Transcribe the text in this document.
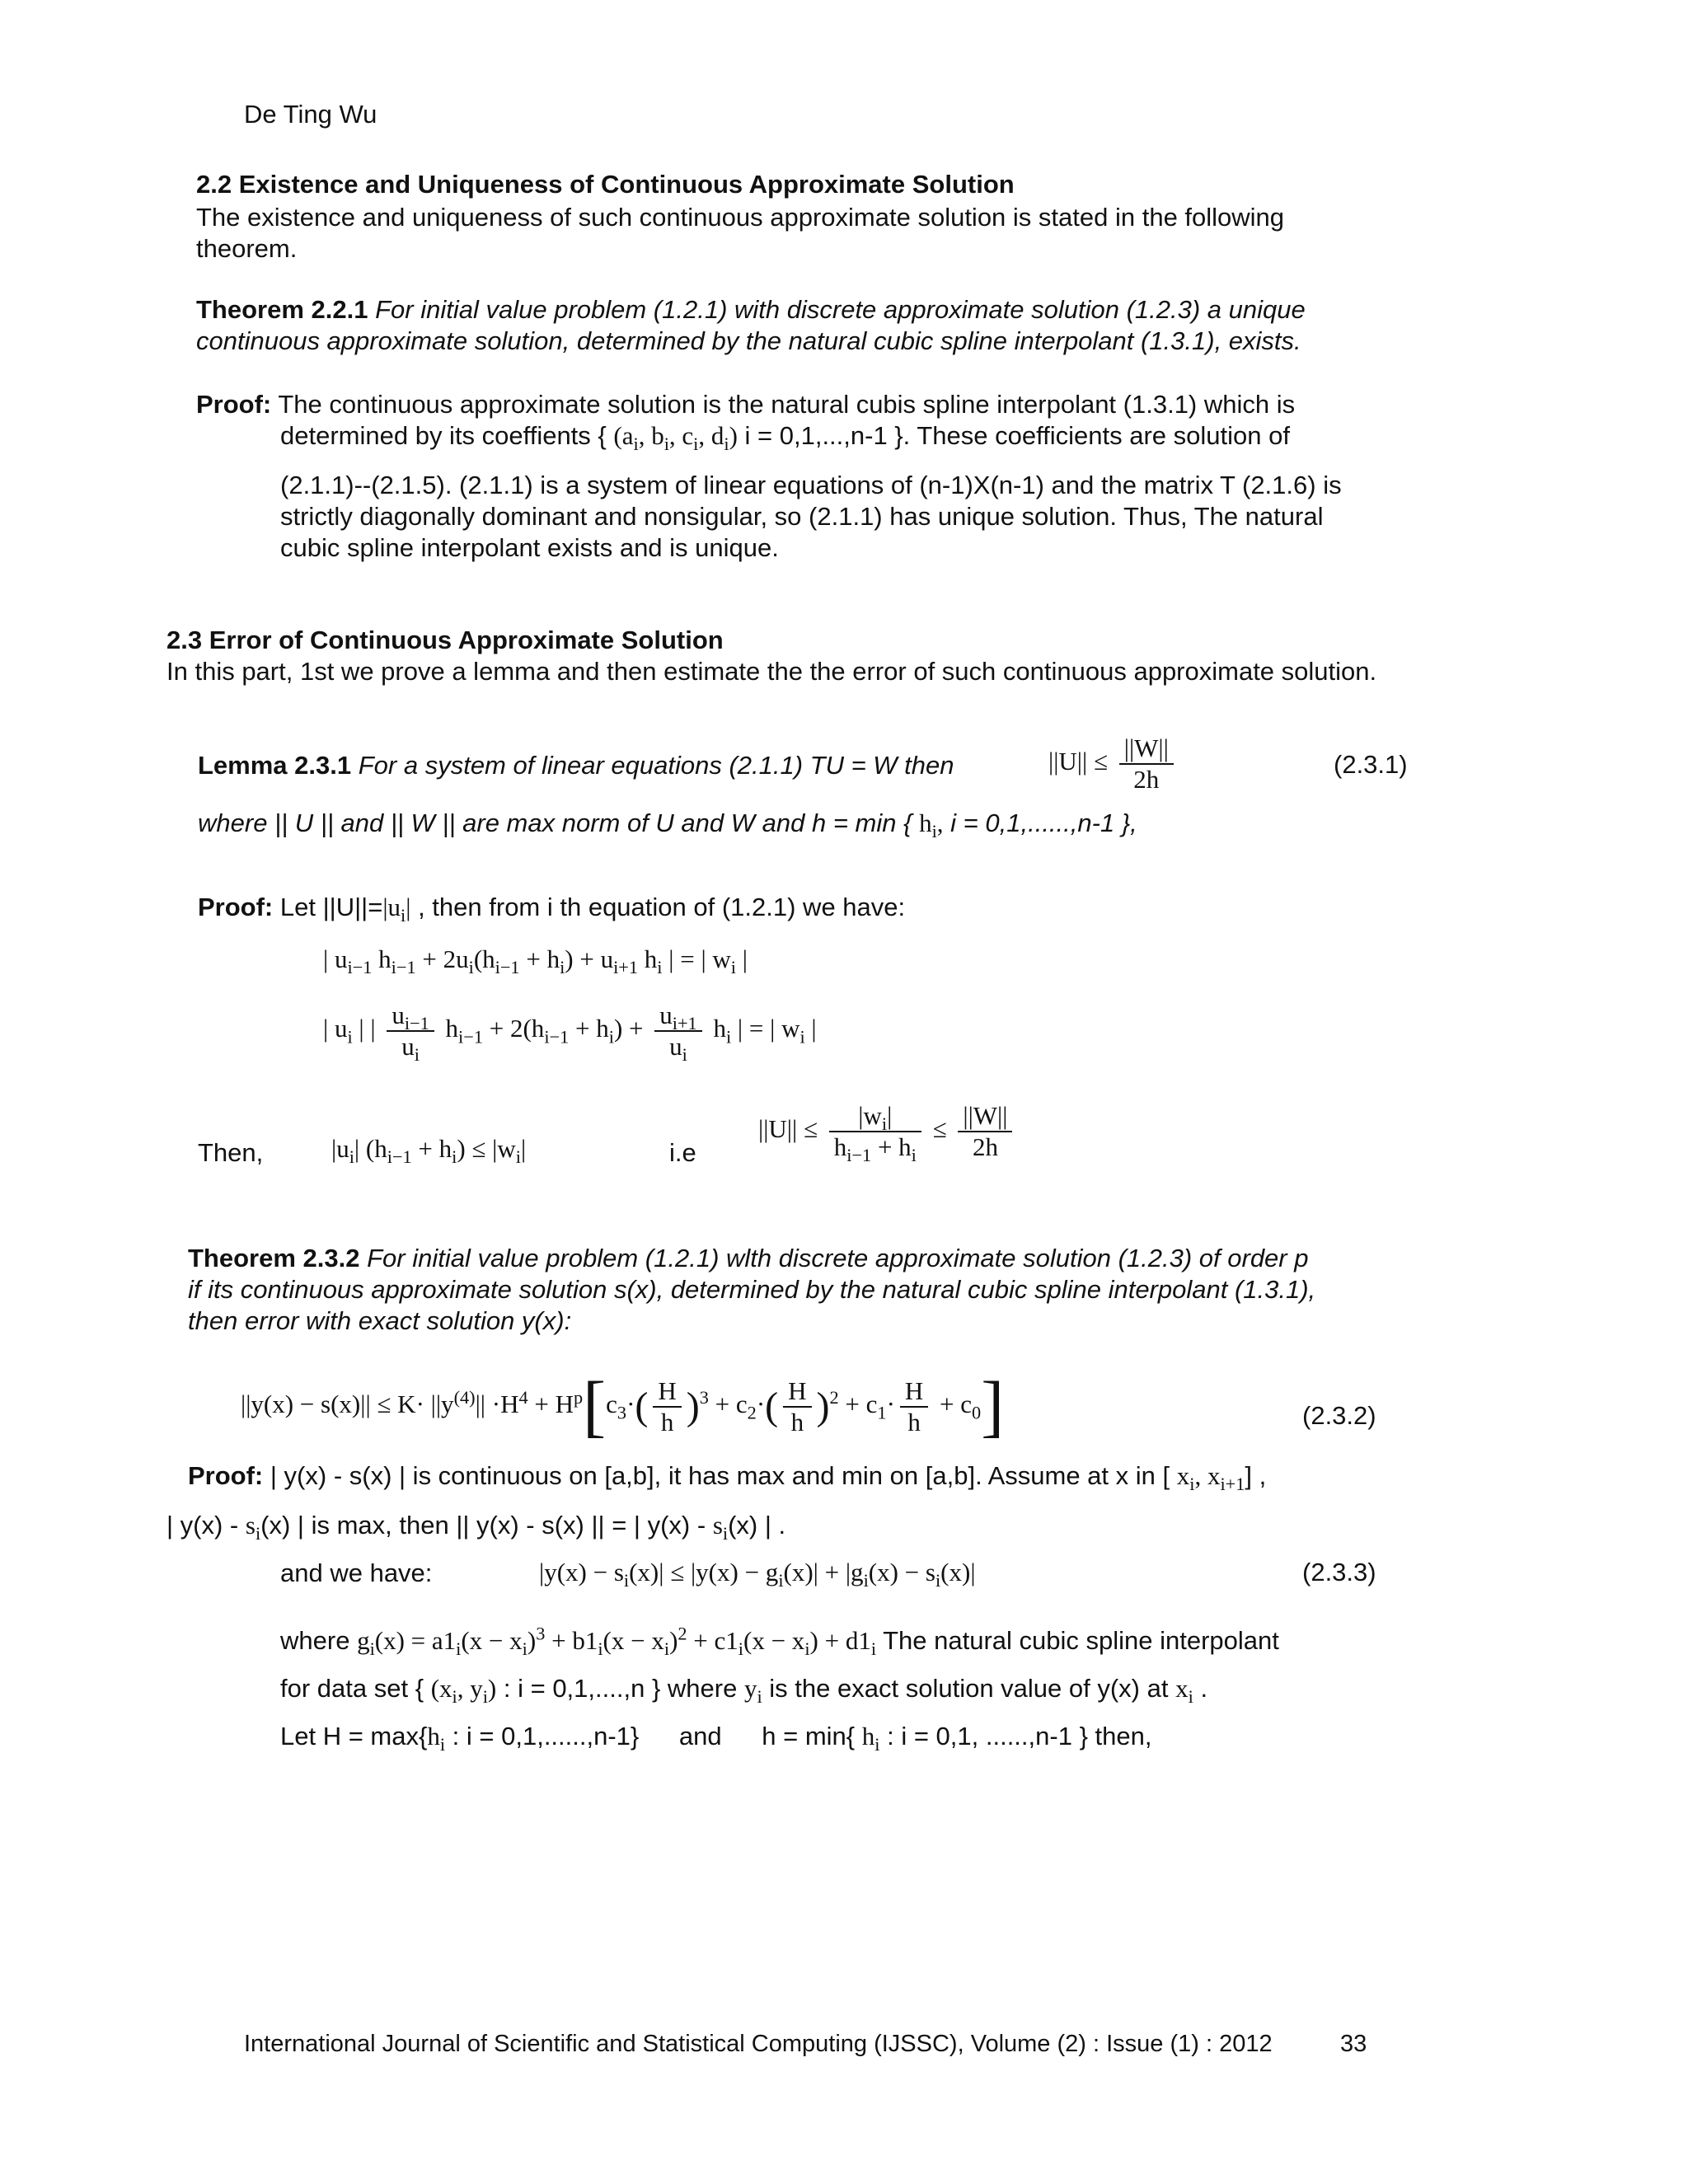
De Ting Wu
2.2 Existence and Uniqueness of Continuous Approximate Solution
The existence and uniqueness of such continuous approximate solution is stated in the following
theorem.
Theorem 2.2.1 For initial value problem (1.2.1) with discrete approximate solution (1.2.3) a unique
continuous approximate solution, determined by the natural cubic spline interpolant (1.3.1), exists.
Proof: The continuous approximate solution is the natural cubis spline interpolant (1.3.1) which is
determined by its coeffients { ($a_i$, $b_i$, $c_i$, $d_i$) i = 0,1,...,n-1 }. These coefficients are solution of
(2.1.1)--(2.1.5). (2.1.1) is a system of linear equations of (n-1)X(n-1) and the matrix T (2.1.6) is
strictly diagonally dominant and nonsigular, so (2.1.1) has unique solution. Thus, The natural
cubic spline interpolant exists and is unique.
2.3 Error of Continuous Approximate Solution
In this part, 1st we prove a lemma and then estimate the the error of such continuous approximate solution.
Lemma 2.3.1 For a system of linear equations (2.1.1) TU = W then	$||U|| \le \frac{||W||}{2h}$	(2.3.1)
where || U || and || W || are max norm of U and W and h = min { $h_i$, i = 0,1,......,n-1 },
Proof: Let $||U||=|u_i|$ , then from i th equation of (1.2.1) we have:
| $u_{i-1}$ $h_{i-1} + 2u_i(h_{i-1} + h_i) + u_{i+1}$ $h_i$ | = | $w_i$ |
| $u_i$ | | $\frac{u_{i-1}}{u_i} h_{i-1} + 2(h_{i-1} + h_i) + \frac{u_{i+1}}{u_i} h_i$ | = | $w_i$ |
Then,	$|u_i|$ $(h_{i-1} + h_i) \le |w_i|$	i.e
$||U|| \le \frac{|w_i|}{h_{i-1} + h_i} \le \frac{||W||}{2h}$
Theorem 2.3.2 For initial value problem (1.2.1) wlth discrete approximate solution (1.2.3) of order p
if its continuous approximate solution s(x), determined by the natural cubic spline interpolant (1.3.1),
then error with exact solution y(x):
$||y(x) - s(x)|| \le K\cdot ||y^{(4)}|| \cdot H^4 + H^p[c_3\cdot( \frac{H}{h} )^3 + c_2\cdot( \frac{H}{h} )^2 + c_1\cdot \frac{H}{h} + c_0]$	(2.3.2)
Proof: | y(x) - s(x) | is continuous on [a,b], it has max and min on [a,b]. Assume at x in [ $x_i$, $x_{i+1}$] ,
| $y(x) - s_i(x)$ | is max, then || y(x) - s(x) || = | $y(x) - s_i(x)$ | .
and we have:	$|y(x) - s_i(x)| \le |y(x) - g_i(x)| + |g_i(x) - s_i(x)|$	(2.3.3)
where $g_i(x) = a1_i(x - x_i)^3 + b1_i(x - x_i)^2 + c1_i(x - x_i) + d1_i$ The natural cubic spline interpolant
for data set { ($x_i$, $y_i$) : i = 0,1,....,n } where $y_i$ is the exact solution value of y(x) at $x_i$ .
Let $H = \max\{h_i$ : i = 0,1,......,n-1} and h = min{ $h_i$ : i = 0,1, ......,n-1 } then,
International Journal of Scientific and Statistical Computing (IJSSC), Volume (2) : Issue (1) : 2012	33
